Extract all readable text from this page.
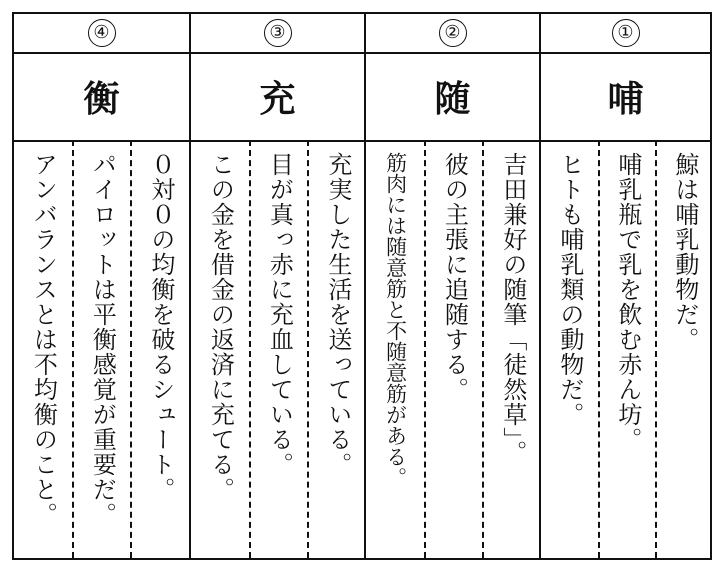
④
衡
アンバランスとは不均衡のこと。 パイロットは平衡感覚が重要だ。 ０対０の均衡を破るシュート。
③
充
この金を借金の返済に充てる。 目が真っ赤に充血している。 充実した生活を送っている。
②
随
筋肉には随意筋と不随意筋がある。 彼の主張に追随する。 吉田兼好の随筆「徒然草」。
①
哺
ヒトも哺乳類の動物だ。 哺乳瓶で乳を飲む赤ん坊。 鯨は哺乳動物だ。
